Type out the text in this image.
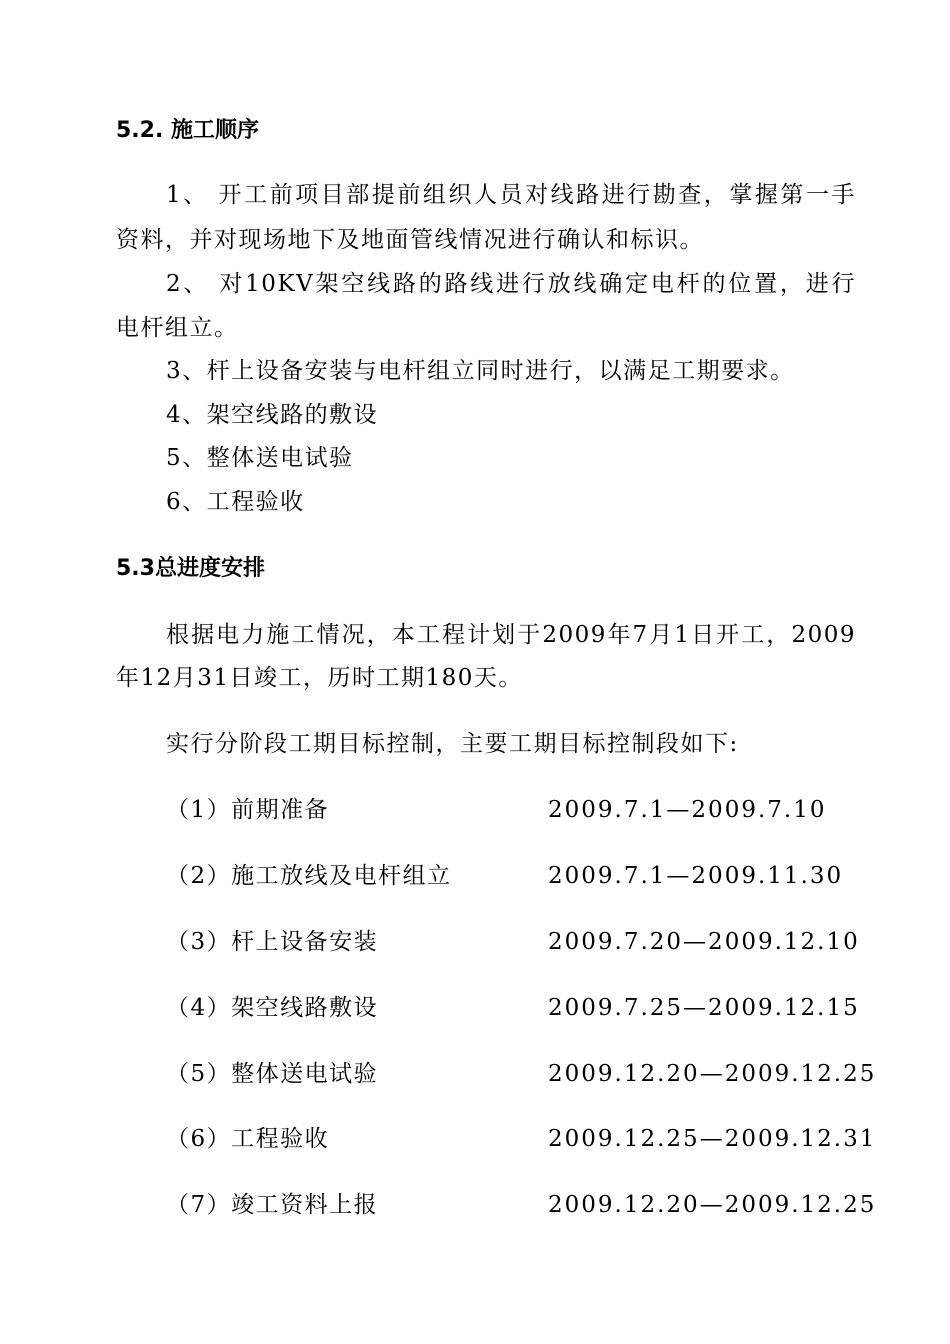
5.2. 施工顺序

1、 开工前项目部提前组织人员对线路进行勘查，掌握第一手

资料，并对现场地下及地面管线情况进行确认和标识。

2、 对10KV架空线路的路线进行放线确定电杆的位置，进行

电杆组立。

3、杆上设备安装与电杆组立同时进行，以满足工期要求。

4、架空线路的敷设

5、整体送电试验

6、工程验收

5.3总进度安排

根据电力施工情况，本工程计划于2009年7月1日开工，2009

年12月31日竣工，历时工期180天。

实行分阶段工期目标控制，主要工期目标控制段如下:

（1）前期准备	2009.7.1—2009.7.10

（2）施工放线及电杆组立	2009.7.1—2009.11.30

（3）杆上设备安装	2009.7.20—2009.12.10

（4）架空线路敷设	2009.7.25—2009.12.15

（5）整体送电试验	2009.12.20—2009.12.25

（6）工程验收	2009.12.25—2009.12.31

（7）竣工资料上报	2009.12.20—2009.12.25
